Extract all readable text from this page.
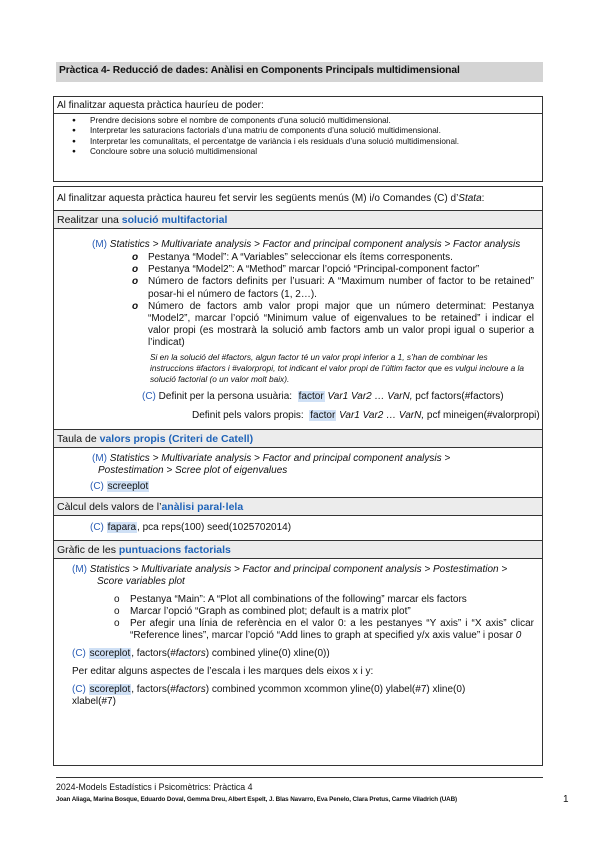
Pràctica 4- Reducció de dades: Anàlisi en Components Principals multidimensional
Al finalitzar aquesta pràctica hauríeu de poder:
● Prendre decisions sobre el nombre de components d’una solució multidimensional.
● Interpretar les saturacions factorials d’una matriu de components d’una solució multidimensional.
● Interpretar les comunalitats, el percentatge de variància i els residuals d’una solució multidimensional.
● Concloure sobre una solució multidimensional
Al finalitzar aquesta pràctica haureu fet servir les següents menús (M) i/o Comandes (C) d’Stata:
Realitzar una solució multifactorial
(M) Statistics > Multivariate analysis > Factor and principal component analysis > Factor analysis
o Pestanya “Model”: A “Variables” seleccionar els ítems corresponents.
o Pestanya “Model2”: A “Method” marcar l’opció “Principal-component factor”
o Número de factors definits per l’usuari: A “Maximum number of factor to be retained” posar-hi el número de factors (1, 2…).
o Número de factors amb valor propi major que un número determinat: Pestanya “Model2”, marcar l’opció “Minimum value of eigenvalues to be retained” i indicar el valor propi (es mostrarà la solució amb factors amb un valor propi igual o superior a l’indicat)
Si en la solució del #factors, algun factor té un valor propi inferior a 1, s’han de combinar les instruccions #factors i #valorpropi, tot indicant el valor propi de l’últim factor que es vulgui incloure a la solució factorial (o un valor molt baix).
(C) Definit per la persona usuària: factor Var1 Var2 … VarN, pcf factors(#factors)
Definit pels valors propis: factor Var1 Var2 … VarN, pcf mineigen(#valorpropi)
Taula de valors propis (Criteri de Catell)
(M) Statistics > Multivariate analysis > Factor and principal component analysis >
Postestimation > Scree plot of eigenvalues
(C) screeplot
Càlcul dels valors de l’anàlisi paral·lela
(C) fapara, pca reps(100) seed(1025702014)
Gràfic de les puntuacions factorials
(M) Statistics > Multivariate analysis > Factor and principal component analysis > Postestimation >
Score variables plot
o Pestanya “Main”: A “Plot all combinations of the following” marcar els factors
o Marcar l’opció “Graph as combined plot; default is a matrix plot”
o Per afegir una línia de referència en el valor 0: a les pestanyes “Y axis” i “X axis” clicar “Reference lines”, marcar l’opció “Add lines to graph at specified y/x axis value” i posar 0
(C) scoreplot, factors(#factors) combined yline(0) xline(0))
Per editar alguns aspectes de l’escala i les marques dels eixos x i y:
(C) scoreplot, factors(#factors) combined ycommon xcommon yline(0) ylabel(#7) xline(0)
xlabel(#7)
2024-Models Estadístics i Psicomètrics: Pràctica 4
Joan Aliaga, Marina Bosque, Eduardo Doval, Gemma Dreu, Albert Espelt, J. Blas Navarro, Eva Penelo, Clara Pretus, Carme Viladrich (UAB)	1
